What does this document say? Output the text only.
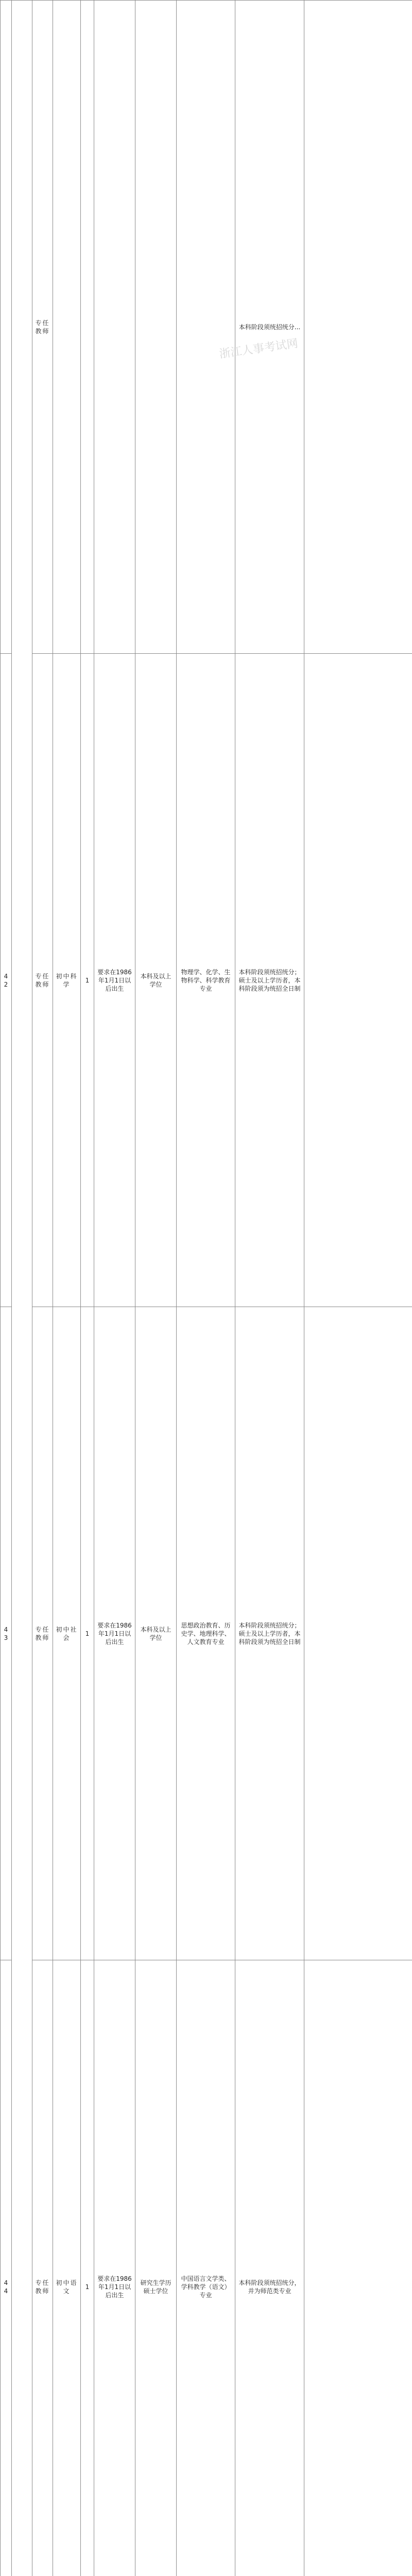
		专任教师						本科阶段须统招统分...	
42		专任教师	初中科学	1	要求在1986年1月1日以后出生	本科及以上学位	物理学、化学、生物科学、科学教育专业	本科阶段须统招统分；硕士及以上学历者，本科阶段须为统招全日制	
43		专任教师	初中社会	1	要求在1986年1月1日以后出生	本科及以上学位	思想政治教育、历史学、地理科学、人文教育专业	本科阶段须统招统分；硕士及以上学历者，本科阶段须为统招全日制	
44		专任教师	初中语文	1	要求在1986年1月1日以后出生	研究生学历硕士学位	中国语言文学类、学科教学（语文）专业	本科阶段须统招统分，并为师范类专业	

浙江人事考试网
